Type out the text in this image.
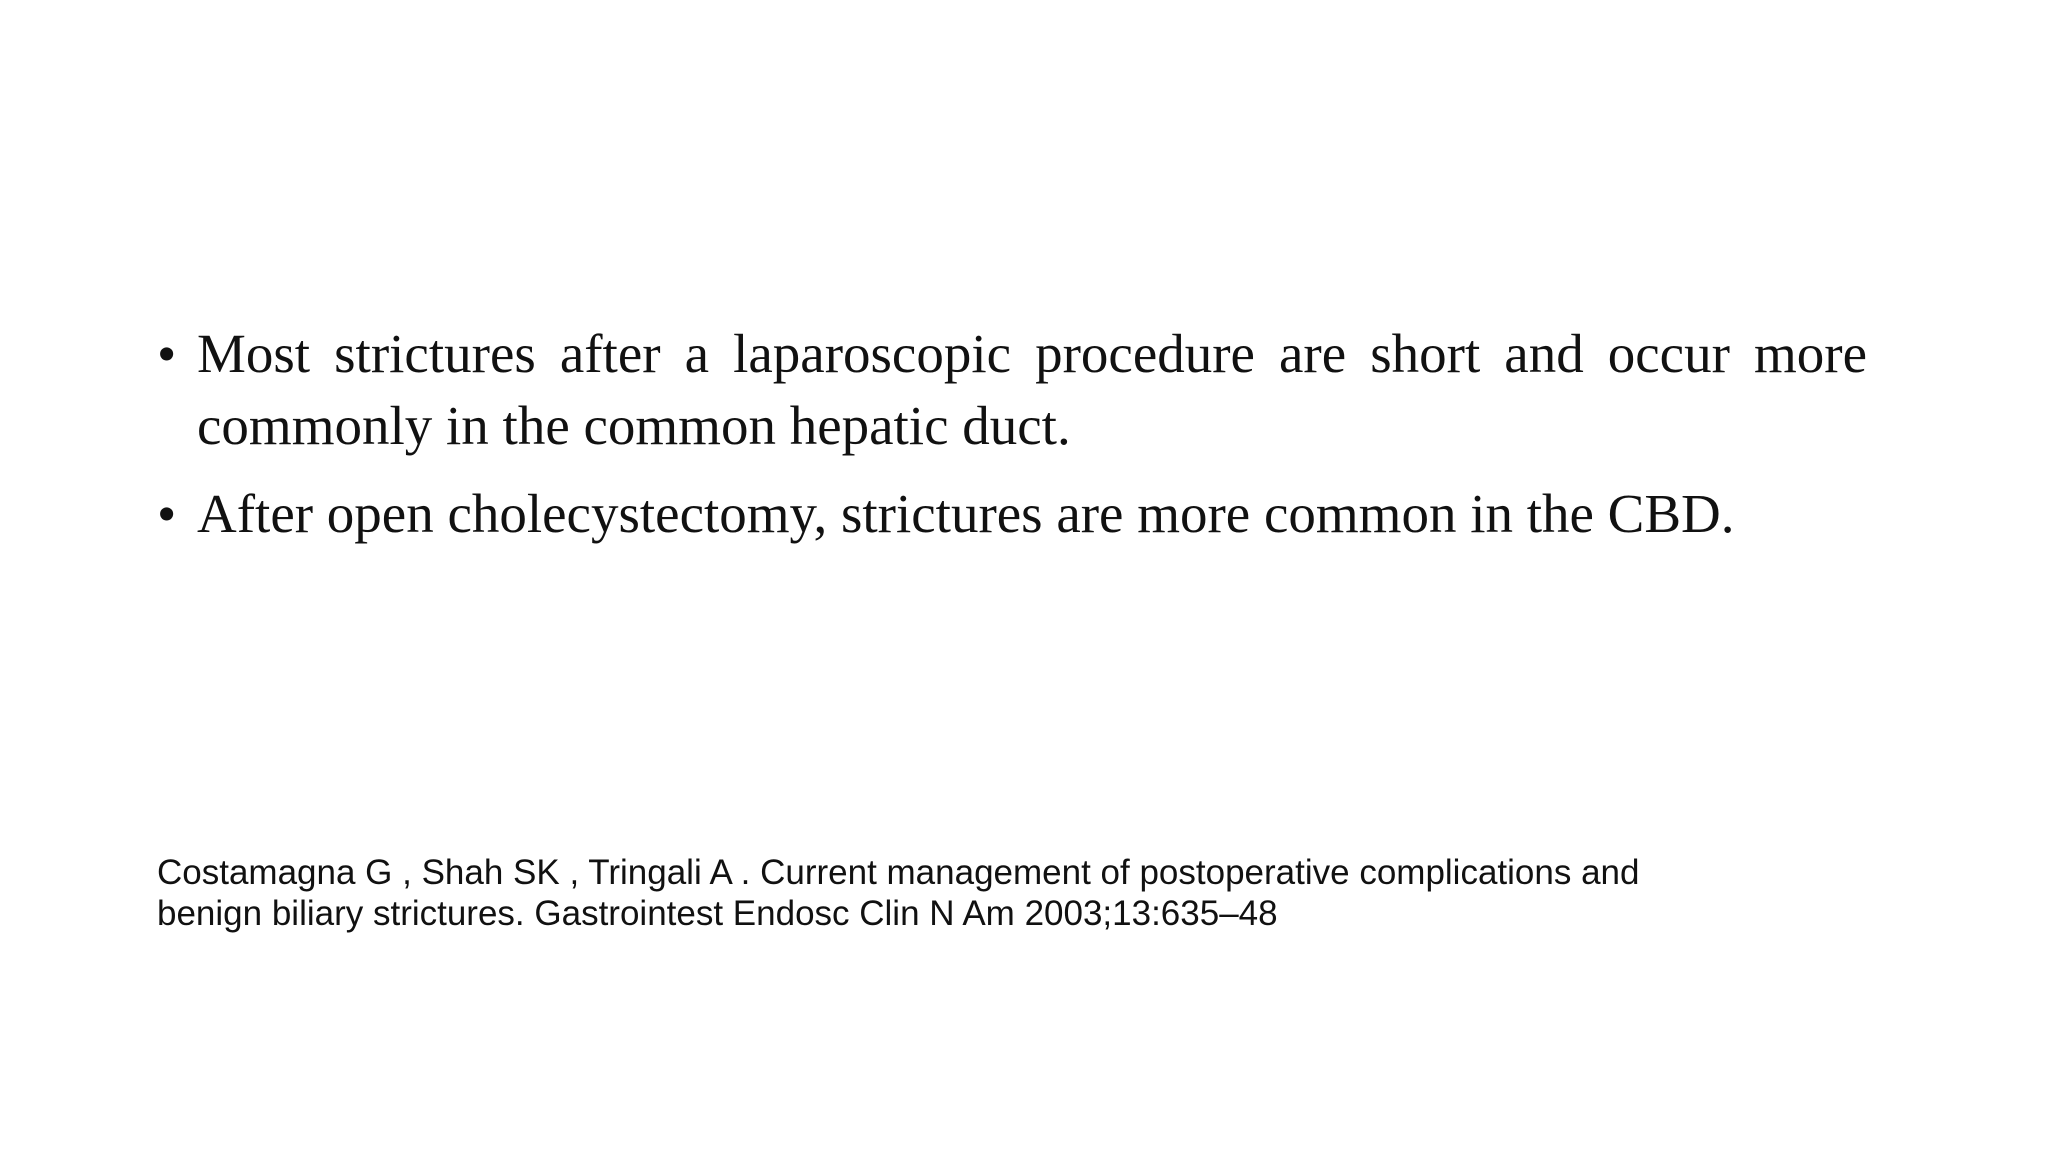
• Most strictures after a laparoscopic procedure are short and occur more commonly in the common hepatic duct.
• After open cholecystectomy, strictures are more common in the CBD.

Costamagna G , Shah SK , Tringali A . Current management of postoperative complications and
benign biliary strictures. Gastrointest Endosc Clin N Am 2003;13:635–48
